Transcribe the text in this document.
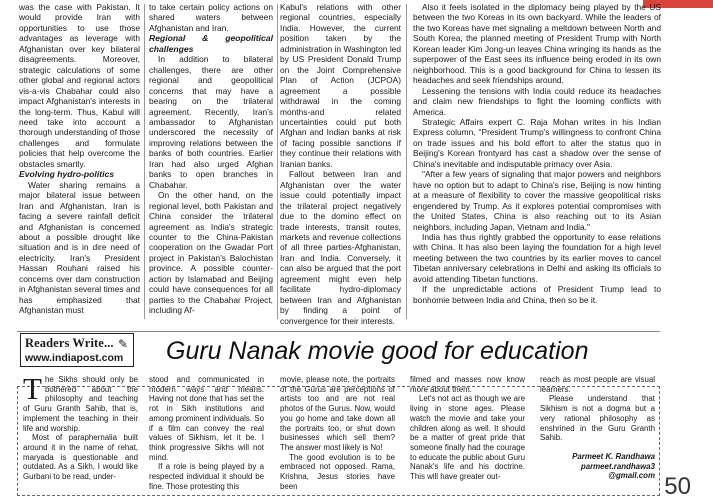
was the case with Pakistan. It would provide Iran with opportunities to use those advantages as leverage with Afghanistan over key bilateral disagreements. Moreover, strategic calculations of some other global and regional actors vis-a-vis Chabahar could also impact Afghanistan's interests in the long-term. Thus, Kabul will need take into account a thorough understanding of those challenges and formulate policies that help overcome the obstacles smartly.

Evolving hydro-politics

Water sharing remains a major bilateral issue between Iran and Afghanistan. Iran is facing a severe rainfall deficit and Afghanistan is concerned about a possible drought like situation and is in dire need of electricity. Iran's President Hassan Rouhani raised his concerns over dam construction in Afghanistan several times and has emphasized that Afghanistan must

to take certain policy actions on shared waters between Afghanistan and Iran.

Regional & geopolitical challenges

In addition to bilateral challenges, there are other regional and geopolitical concerns that may have a bearing on the trilateral agreement. Recently, Iran's ambassador to Afghanistan underscored the necessity of improving relations between the banks of both countries. Earlier Iran had also urged Afghan banks to open branches in Chabahar.

On the other hand, on the regional level, both Pakistan and China consider the trilateral agreement as India's strategic counter to the China-Pakistan cooperation on the Gwadar Port project in Pakistan's Balochistan province. A possible counter-action by Islamabad and Beijing could have consequences for all parties to the Chabahar Project, including Af-

Kabul's relations with other regional countries, especially India. However, the current position taken by the administration in Washington led by US President Donald Trump on the Joint Comprehensive Plan of Action (JCPOA) agreement a possible withdrawal in the coming months-and related uncertainties could put both Afghan and Indian banks at risk of facing possible sanctions if they continue their relations with Iranian banks.

Fallout between Iran and Afghanistan over the water issue could potentially impact the trilateral project negatively due to the domino effect on trade interests, transit routes, markets and revenue collections of all three parties-Afghanistan, Iran and India. Conversely, it can also be argued that the port agreement might even help facilitate hydro-diplomacy between Iran and Afghanistan by finding a point of convergence for their interests.

Also it feels isolated in the diplomacy being played by the US between the two Koreas in its own backyard. While the leaders of the two Koreas have met signaling a meltdown between North and South Korea, the planned meeting of President Trump with North Korean leader Kim Jong-un leaves China wringing its hands as the superpower of the East sees its influence being eroded in its own neighborhood. This is a good background for China to lessen its headaches and seek friendships around.

Lessening the tensions with India could reduce its headaches and claim new friendships to fight the looming conflicts with America.

Strategic Affairs expert C. Raja Mohan writes in his Indian Express column, "President Trump's willingness to confront China on trade issues and his bold effort to alter the status quo in Beijing's Korean frontyard has cast a shadow over the sense of China's inevitable and indisputable primacy over Asia.

"After a few years of signaling that major powers and neighbors have no option but to adapt to China's rise, Beijing is now hinting at a measure of flexibility to cover the massive geopolitical risks engendered by Trump. As it explores potential compromises with the United States, China is also reaching out to its Asian neighbors, including Japan, Vietnam and India."

India has thus rightly grabbed the opportunity to ease relations with China. It has also been laying the foundation for a high level meeting between the two countries by its earlier moves to cancel Tibetan anniversary celebrations in Delhi and asking its officials to avoid attending Tibetan functions.

If the unpredictable actions of President Trump lead to bonhomie between India and China, then so be it.

Readers Write...
www.indiapost.com
✎ Guru Nanak movie good for education
T he Sikhs should only be bothered about the philosophy and teaching of Guru Granth Sahib, that is, implement the teaching in their life and worship.

Most of paraphernalia built around it in the name of rehat, maryada is questionable and outdated. As a Sikh, I would like Gurbani to be read, under-

stood and communicated in modern ways and means. Having not done that has set the rot in Sikh institutions and among prominent individuals. So if a film can convey the real values of Sikhism, let it be. I think progressive Sikhs will not mind.

If a role is being played by a respected individual it should be fine. Those protesting this

movie, please note, the portraits of the Gurus are perceptions of artists too and are not real photos of the Gurus. Now, would you go home and take down all the portraits too, or shut down businesses which sell them? The answer most likely is No!

The good evolution is to be embraced not opposed. Rama, Krishna, Jesus stories have been

filmed and masses now know more about them.

Let's not act as though we are living in stone ages. Please watch the movie and take your children along as well. It should be a matter of great pride that someone finally had the courage to educate the public about Guru Nanak's life and his doctrine. This will have greater out-

reach as most people are visual learners.

Please understand that Sikhism is not a dogma but a very rational philosophy as enshrined in the Guru Granth Sahib.

Parmeet K. Randhawa
parmeet.randhawa3
@gmail.com 50
